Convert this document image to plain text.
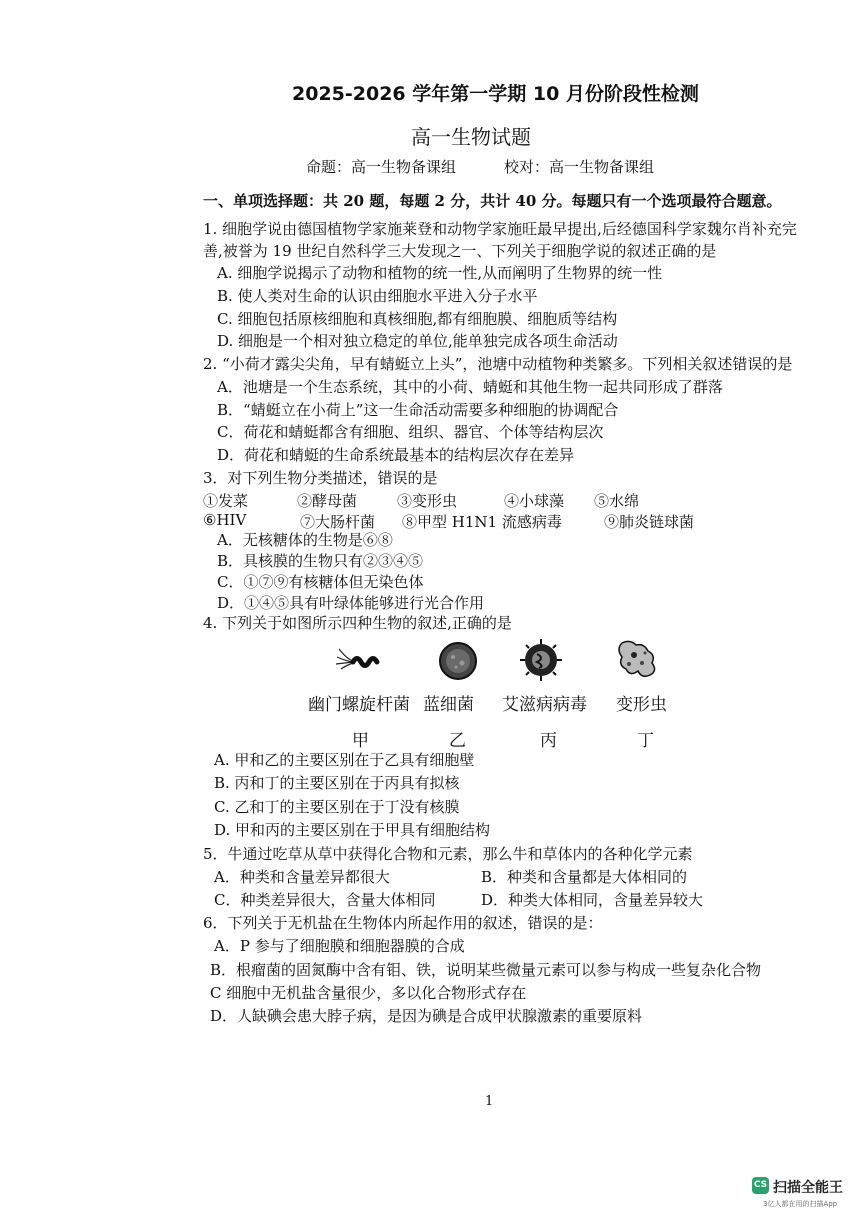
2025-2026 学年第一学期 10 月份阶段性检测
高一生物试题
命题：高一生物备课组	校对：高一生物备课组
一、单项选择题：共 20 题，每题 2 分，共计 40 分。每题只有一个选项最符合题意。
1. 细胞学说由德国植物学家施莱登和动物学家施旺最早提出,后经德国科学家魏尔肖补充完
善,被誉为 19 世纪自然科学三大发现之一、下列关于细胞学说的叙述正确的是
A. 细胞学说揭示了动物和植物的统一性,从而阐明了生物界的统一性
B. 使人类对生命的认识由细胞水平进入分子水平
C. 细胞包括原核细胞和真核细胞,都有细胞膜、细胞质等结构
D. 细胞是一个相对独立稳定的单位,能单独完成各项生命活动
2. “小荷才露尖尖角，早有蜻蜓立上头”，池塘中动植物种类繁多。下列相关叙述错误的是
A．池塘是一个生态系统，其中的小荷、蜻蜓和其他生物一起共同形成了群落
B．“蜻蜓立在小荷上”这一生命活动需要多种细胞的协调配合
C．荷花和蜻蜓都含有细胞、组织、器官、个体等结构层次
D．荷花和蜻蜓的生命系统最基本的结构层次存在差异
3．对下列生物分类描述，错误的是
①发菜	②酵母菌	③变形虫	④小球藻 ⑤水绵
⑥HIV	⑦大肠杆菌 ⑧甲型 H1N1 流感病毒	⑨肺炎链球菌
A．无核糖体的生物是⑥⑧
B．具核膜的生物只有②③④⑤
C．①⑦⑨有核糖体但无染色体
D．①④⑤具有叶绿体能够进行光合作用
4. 下列关于如图所示四种生物的叙述,正确的是
幽门螺旋杆菌 蓝细菌 艾滋病病毒 变形虫
甲	乙	丙	丁
A. 甲和乙的主要区别在于乙具有细胞壁
B. 丙和丁的主要区别在于丙具有拟核
C. 乙和丁的主要区别在于丁没有核膜
D. 甲和丙的主要区别在于甲具有细胞结构
5．牛通过吃草从草中获得化合物和元素，那么牛和草体内的各种化学元素
A．种类和含量差异都很大	B．种类和含量都是大体相同的
C．种类差异很大，含量大体相同	D．种类大体相同，含量差异较大
6．下列关于无机盐在生物体内所起作用的叙述，错误的是：
A．P 参与了细胞膜和细胞器膜的合成
B．根瘤菌的固氮酶中含有钼、铁，说明某些微量元素可以参与构成一些复杂化合物
C 细胞中无机盐含量很少，多以化合物形式存在
D．人缺碘会患大脖子病，是因为碘是合成甲状腺激素的重要原料
1
CS 扫描全能王
3亿人都在用的扫描App
